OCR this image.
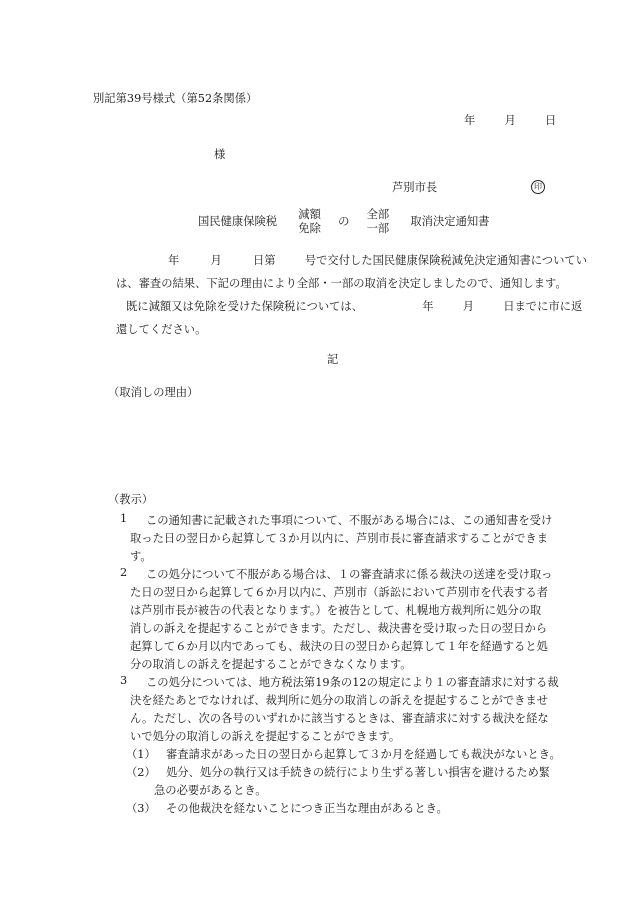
別記第39号様式（第52条関係）
年	月	日
様
芦別市長	印
国民健康保険税  減額
免除  の  全部
一部  取消決定通知書
年	月	日第	号で交付した国民健康保険税減免決定通知書についてい
は、審査の結果、下記の理由により全部・一部の取消を決定しましたので、通知します。
既に減額又は免除を受けた保険税については、	年	月	日までに市に返
還してください。
記
（取消しの理由）
（教示）
1 この通知書に記載された事項について、不服がある場合には、この通知書を受け
取った日の翌日から起算して３か月以内に、芦別市長に審査請求することができま
す。
2 この処分について不服がある場合は、１の審査請求に係る裁決の送達を受け取っ
た日の翌日から起算して６か月以内に、芦別市（訴訟において芦別市を代表する者
は芦別市長が被告の代表となります。）を被告として、札幌地方裁判所に処分の取
消しの訴えを提起することができます。ただし、裁決書を受け取った日の翌日から
起算して６か月以内であっても、裁決の日の翌日から起算して１年を経過すると処
分の取消しの訴えを提起することができなくなります。
3 この処分については、地方税法第19条の12の規定により１の審査請求に対する裁
決を経たあとでなければ、裁判所に処分の取消しの訴えを提起することができませ
ん。ただし、次の各号のいずれかに該当するときは、審査請求に対する裁決を経な
いで処分の取消しの訴えを提起することができます。
（1） 審査請求があった日の翌日から起算して３か月を経過しても裁決がないとき。
（2） 処分、処分の執行又は手続きの続行により生ずる著しい損害を避けるため緊
急の必要があるとき。
（3） その他裁決を経ないことにつき正当な理由があるとき。
